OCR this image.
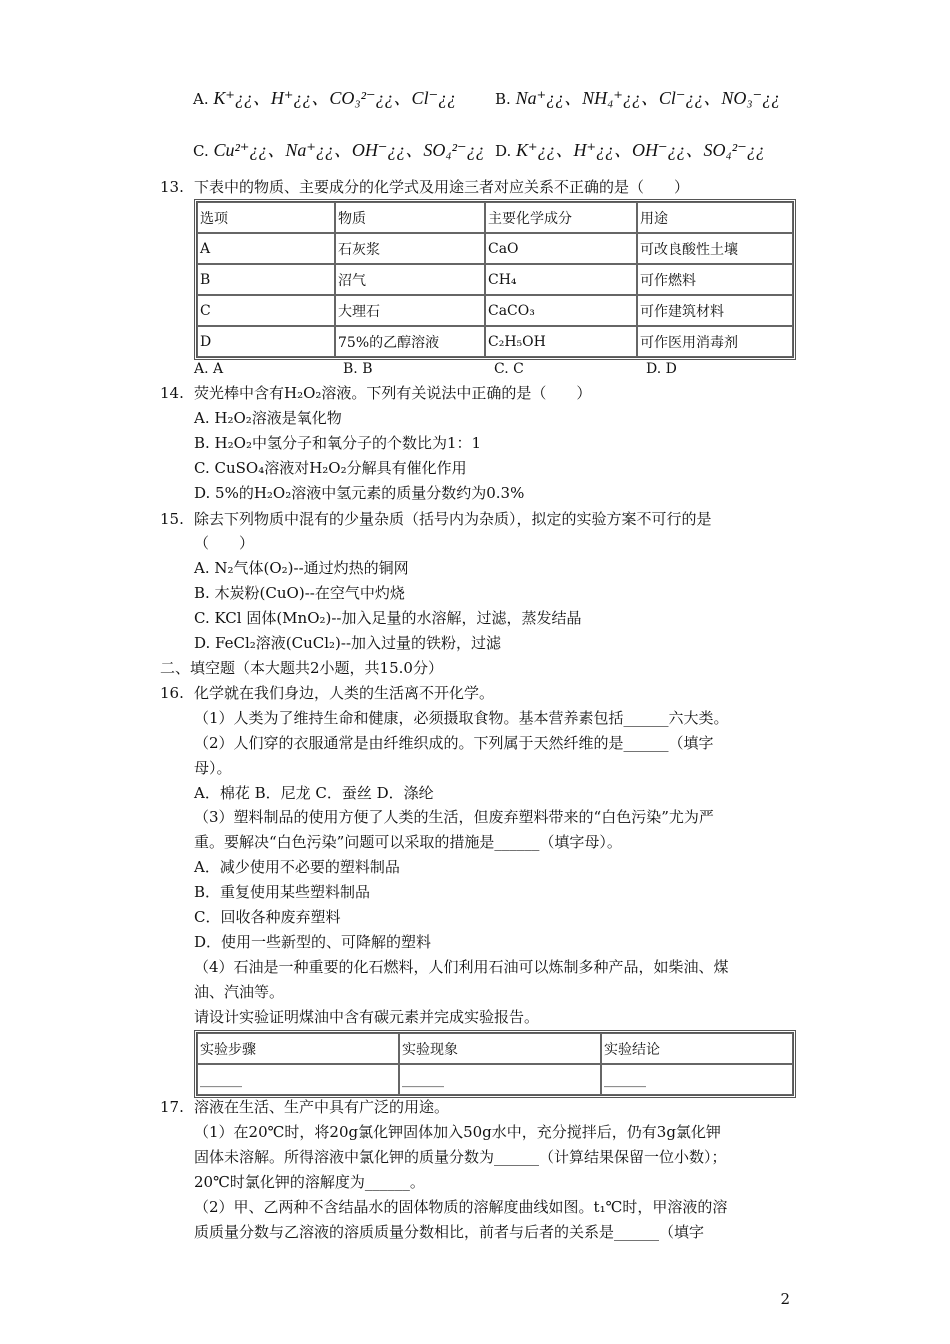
A. K⁺¿¿、H⁺¿¿、CO₃²⁻¿¿、Cl⁻¿¿	B. Na⁺¿¿、NH₄⁺¿¿、Cl⁻¿¿、NO₃⁻¿¿
C. Cu²⁺¿¿、Na⁺¿¿、OH⁻¿¿、SO₄²⁻¿¿ D. K⁺¿¿、H⁺¿¿、OH⁻¿¿、SO₄²⁻¿¿
13. 下表中的物质、主要成分的化学式及用途三者对应关系不正确的是（　　）
选项	物质	主要化学成分	用途
A	石灰浆	CaO	可改良酸性土壤
B	沼气	CH₄	可作燃料
C	大理石	CaCO₃	可作建筑材料
D	75%的乙醇溶液	C₂H₅OH	可作医用消毒剂
A. A	B. B	C. C	D. D
14. 荧光棒中含有H₂O₂溶液。下列有关说法中正确的是（　　）
A. H₂O₂溶液是氧化物
B. H₂O₂中氢分子和氧分子的个数比为1：1
C. CuSO₄溶液对H₂O₂分解具有催化作用
D. 5%的H₂O₂溶液中氢元素的质量分数约为0.3%
15. 除去下列物质中混有的少量杂质（括号内为杂质），拟定的实验方案不可行的是
（　　）
A. N₂气体(O₂)--通过灼热的铜网
B. 木炭粉(CuO)--在空气中灼烧
C. KCl 固体(MnO₂)--加入足量的水溶解，过滤，蒸发结晶
D. FeCl₂溶液(CuCl₂)--加入过量的铁粉，过滤
二、填空题（本大题共2小题，共15.0分）
16. 化学就在我们身边，人类的生活离不开化学。
（1）人类为了维持生命和健康，必须摄取食物。基本营养素包括______六大类。
（2）人们穿的衣服通常是由纤维织成的。下列属于天然纤维的是______（填字
母）。
A．棉花 B．尼龙 C．蚕丝 D．涤纶
（3）塑料制品的使用方便了人类的生活，但废弃塑料带来的“白色污染”尤为严
重。要解决“白色污染”问题可以采取的措施是______（填字母）。
A．减少使用不必要的塑料制品
B．重复使用某些塑料制品
C．回收各种废弃塑料
D．使用一些新型的、可降解的塑料
（4）石油是一种重要的化石燃料，人们利用石油可以炼制多种产品，如柴油、煤
油、汽油等。
请设计实验证明煤油中含有碳元素并完成实验报告。
实验步骤	实验现象	实验结论
______	______	______
17. 溶液在生活、生产中具有广泛的用途。
（1）在20℃时，将20g氯化钾固体加入50g水中，充分搅拌后，仍有3g氯化钾
固体未溶解。所得溶液中氯化钾的质量分数为______（计算结果保留一位小数）；
20℃时氯化钾的溶解度为______。
（2）甲、乙两种不含结晶水的固体物质的溶解度曲线如图。t₁℃时，甲溶液的溶
质质量分数与乙溶液的溶质质量分数相比，前者与后者的关系是______（填字
2
